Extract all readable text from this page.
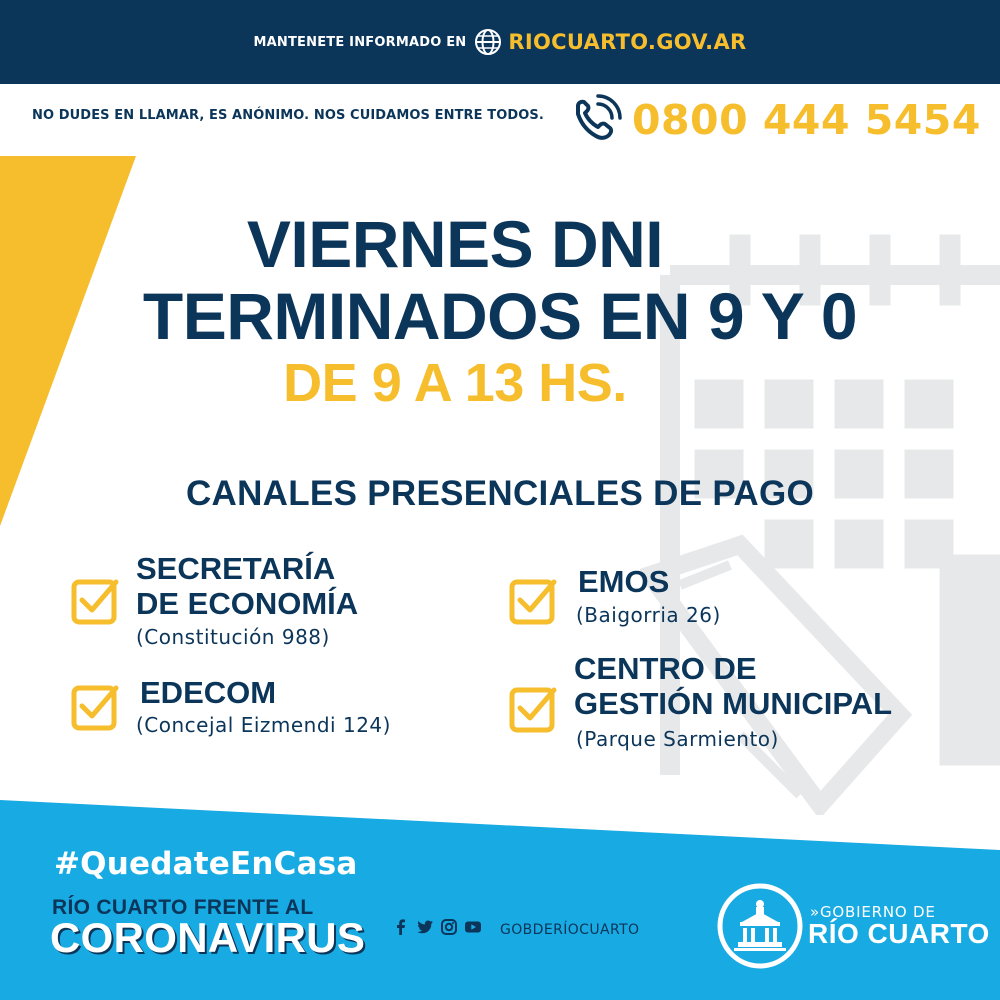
MANTENETE INFORMADO EN RIOCUARTO.GOV.AR
NO DUDES EN LLAMAR, ES ANÓNIMO. NOS CUIDAMOS ENTRE TODOS. 0800 444 5454
VIERNES DNI
TERMINADOS EN 9 Y 0
DE 9 A 13 HS.
CANALES PRESENCIALES DE PAGO
SECRETARÍA
DE ECONOMÍA
(Constitución 988)
EMOS
(Baigorria 26)
EDECOM
(Concejal Eizmendi 124)
CENTRO DE
GESTIÓN MUNICIPAL
(Parque Sarmiento)
#QuedateEnCasa
RÍO CUARTO FRENTE AL
CORONAVIRUS	GOBDERÍOCUARTO
»GOBIERNO DE
RÍO CUARTO
